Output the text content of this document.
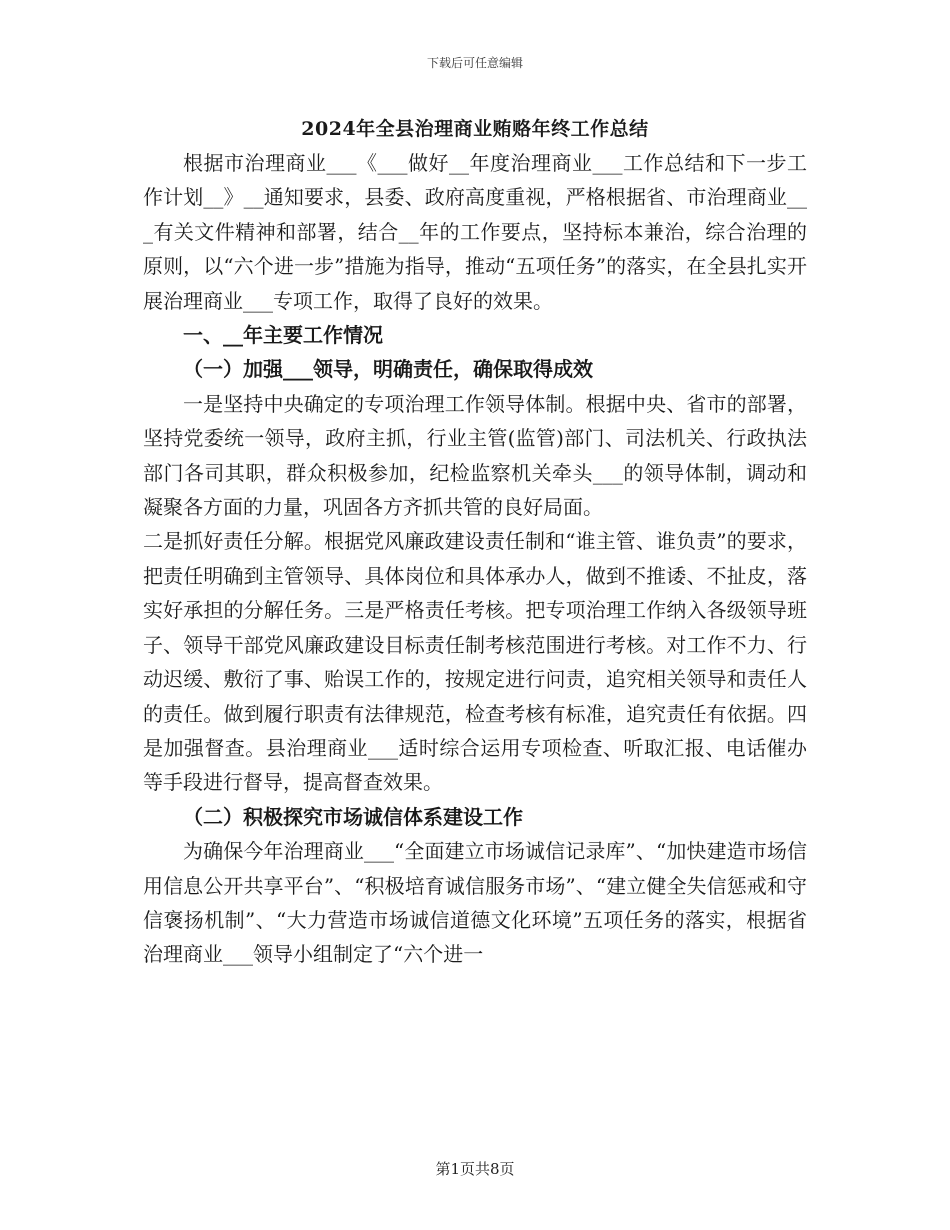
下载后可任意编辑
2024年全县治理商业贿赂年终工作总结

根据市治理商业___《___做好__年度治理商业___工作总结和下一步工作计划__》__通知要求，县委、政府高度重视，严格根据省、市治理商业___有关文件精神和部署，结合__年的工作要点，坚持标本兼治，综合治理的原则，以“六个进一步”措施为指导，推动“五项任务”的落实，在全县扎实开展治理商业___专项工作，取得了良好的效果。

一、__年主要工作情况
（一）加强___领导，明确责任，确保取得成效

一是坚持中央确定的专项治理工作领导体制。根据中央、省市的部署，坚持党委统一领导，政府主抓，行业主管(监管)部门、司法机关、行政执法部门各司其职，群众积极参加，纪检监察机关牵头___的领导体制，调动和凝聚各方面的力量，巩固各方齐抓共管的良好局面。

二是抓好责任分解。根据党风廉政建设责任制和“谁主管、谁负责”的要求，把责任明确到主管领导、具体岗位和具体承办人，做到不推诿、不扯皮，落实好承担的分解任务。三是严格责任考核。把专项治理工作纳入各级领导班子、领导干部党风廉政建设目标责任制考核范围进行考核。对工作不力、行动迟缓、敷衍了事、贻误工作的，按规定进行问责，追究相关领导和责任人的责任。做到履行职责有法律规范，检查考核有标准，追究责任有依据。四是加强督查。县治理商业___适时综合运用专项检查、听取汇报、电话催办等手段进行督导，提高督查效果。

（二）积极探究市场诚信体系建设工作

为确保今年治理商业___“全面建立市场诚信记录库”、“加快建造市场信用信息公开共享平台”、“积极培育诚信服务市场”、“建立健全失信惩戒和守信褒扬机制”、“大力营造市场诚信道德文化环境”五项任务的落实，根据省治理商业___领导小组制定了“六个进一

第1页共8页
